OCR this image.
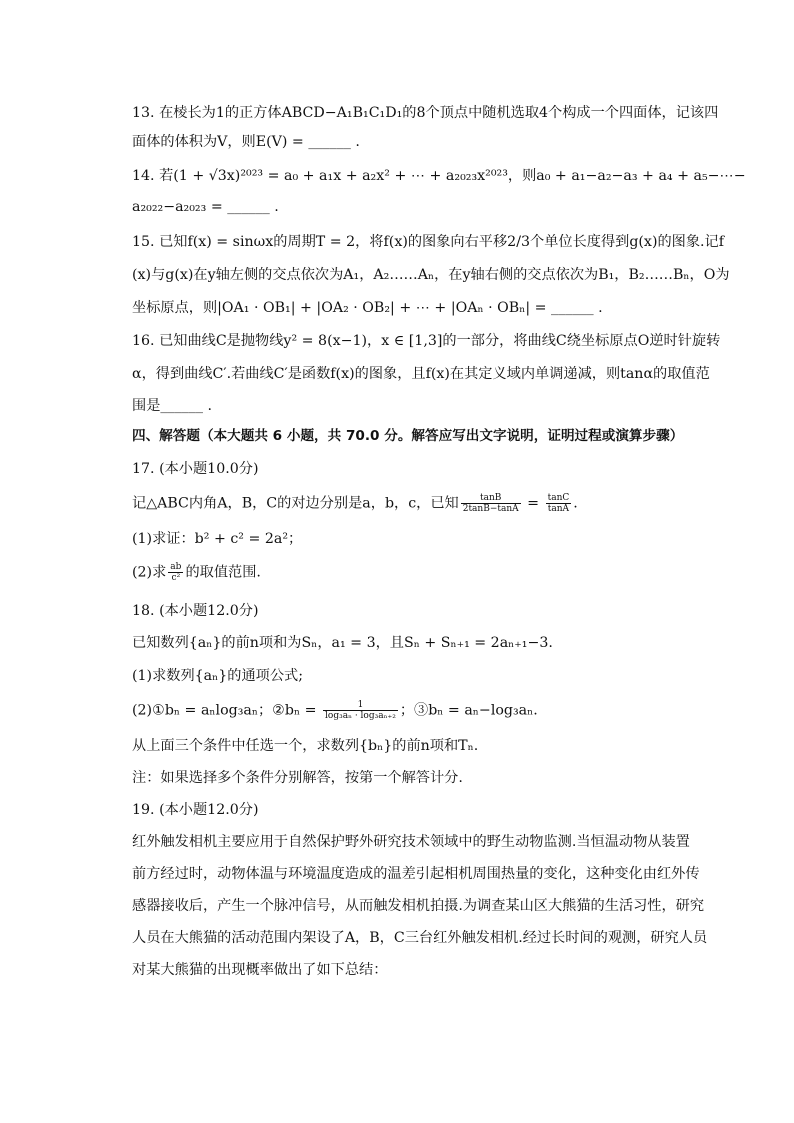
13. 在棱长为1的正方体ABCD−A₁B₁C₁D₁的8个顶点中随机选取4个构成一个四面体，记该四
面体的体积为V，则E(V) = ______ .
14. 若(1 + √3x)²⁰²³ = a₀ + a₁x + a₂x² + ⋯ + a₂₀₂₃x²⁰²³，则a₀ + a₁−a₂−a₃ + a₄ + a₅−⋯−
a₂₀₂₂−a₂₀₂₃ = ______ .
15. 已知f(x) = sinωx的周期T = 2，将f(x)的图象向右平移2/3个单位长度得到g(x)的图象.记f
(x)与g(x)在y轴左侧的交点依次为A₁，A₂……Aₙ，在y轴右侧的交点依次为B₁，B₂……Bₙ，O为
坐标原点，则|OA₁ · OB₁| + |OA₂ · OB₂| + ⋯ + |OAₙ · OBₙ| = ______ .
16. 已知曲线C是抛物线y² = 8(x−1)，x ∈ [1,3]的一部分，将曲线C绕坐标原点O逆时针旋转
α，得到曲线C′.若曲线C′是函数f(x)的图象，且f(x)在其定义域内单调递减，则tanα的取值范
围是______ .
四、解答题（本大题共 6 小题，共 70.0 分。解答应写出文字说明，证明过程或演算步骤）
17. (本小题10.0分)
记△ABC内角A，B，C的对边分别是a，b，c，已知 $\frac{\tan B}{2\tan B-\tan A} = \frac{\tan C}{\tan A}$ .
(1)求证：b² + c² = 2a²；
(2)求 $\frac{ab}{\text{c²}}$ 的取值范围.
18. (本小题12.0分)
已知数列{aₙ}的前n项和为Sₙ，a₁ = 3，且Sₙ + Sₙ₊₁ = 2aₙ₊₁−3.
(1)求数列{aₙ}的通项公式;
(2)①bₙ = aₙlog₃aₙ；②bₙ = $\frac{1}{\text{log₃aₙ · log₃aₙ₊₂}}$ ；③bₙ = aₙ−log₃aₙ.
从上面三个条件中任选一个，求数列{bₙ}的前n项和Tₙ.
注：如果选择多个条件分别解答，按第一个解答计分.
19. (本小题12.0分)
红外触发相机主要应用于自然保护野外研究技术领域中的野生动物监测.当恒温动物从装置
前方经过时，动物体温与环境温度造成的温差引起相机周围热量的变化，这种变化由红外传
感器接收后，产生一个脉冲信号，从而触发相机拍摄.为调查某山区大熊猫的生活习性，研究
人员在大熊猫的活动范围内架设了A，B，C三台红外触发相机.经过长时间的观测，研究人员
对某大熊猫的出现概率做出了如下总结：
